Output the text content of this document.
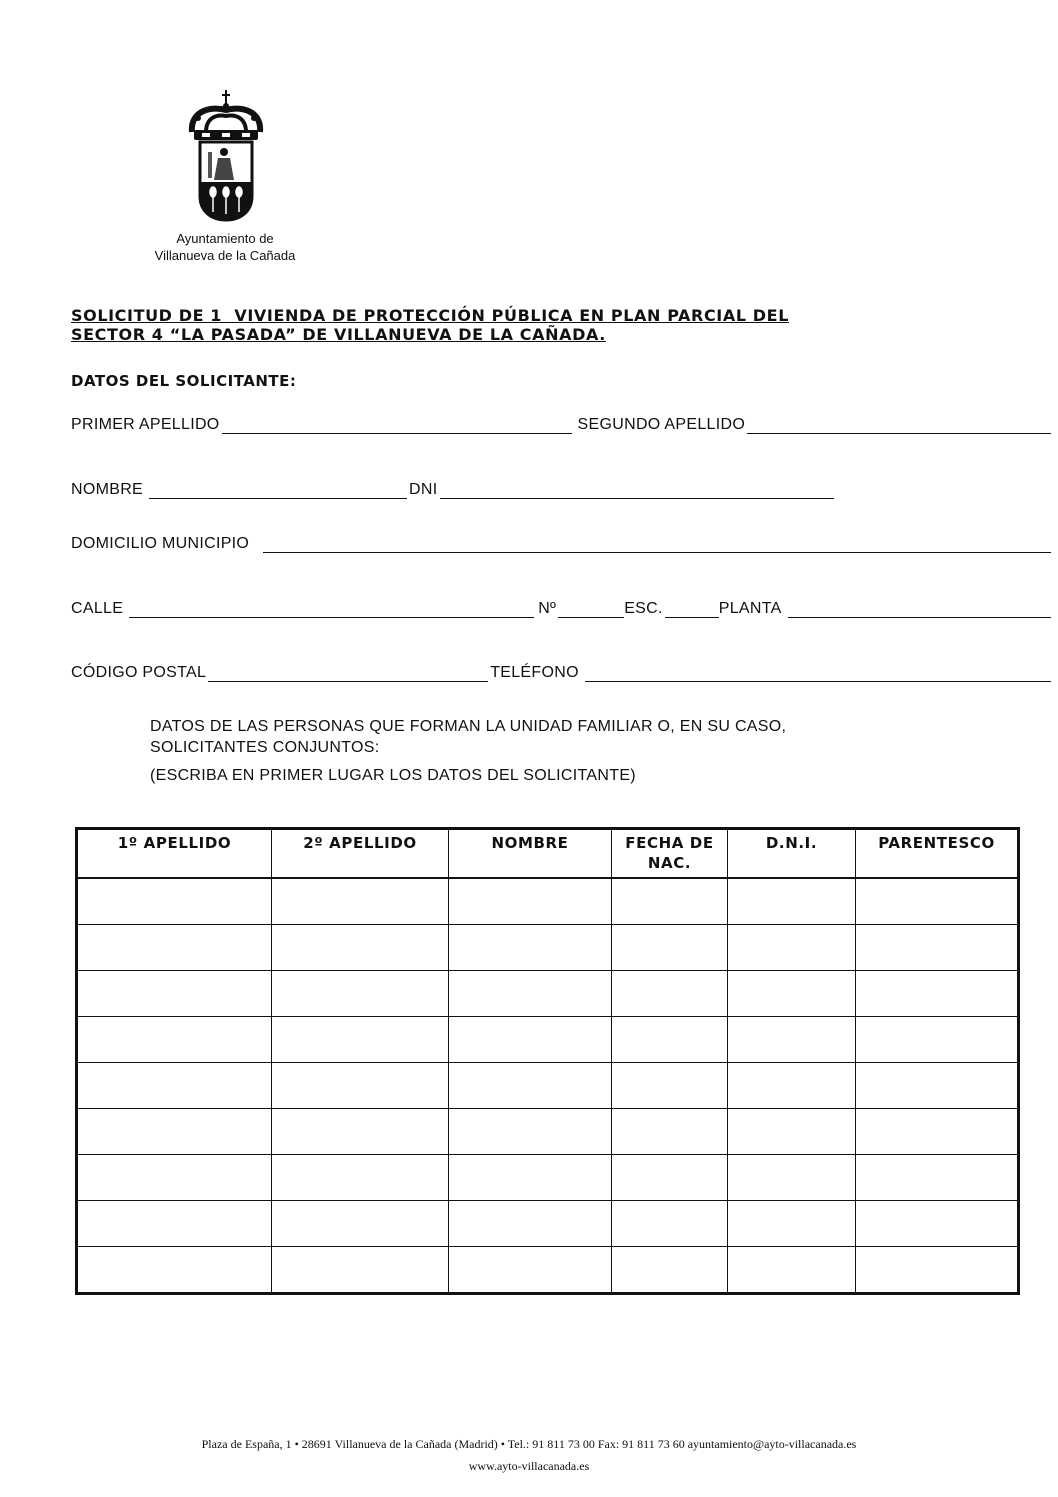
Ayuntamiento de
Villanueva de la Cañada
SOLICITUD DE 1  VIVIENDA DE PROTECCIÓN PÚBLICA EN PLAN PARCIAL DEL
SECTOR 4 “LA PASADA” DE VILLANUEVA DE LA CAÑADA.
DATOS DEL SOLICITANTE:
PRIMER APELLIDO	SEGUNDO APELLIDO
NOMBRE	DNI
DOMICILIO MUNICIPIO
CALLE	Nº	ESC.	PLANTA
CÓDIGO POSTAL	TELÉFONO

DATOS DE LAS PERSONAS QUE FORMAN LA UNIDAD FAMILIAR O, EN SU CASO,

SOLICITANTES CONJUNTOS:

(ESCRIBA EN PRIMER LUGAR LOS DATOS DEL SOLICITANTE)

1º APELLIDO	2º APELLIDO	NOMBRE	FECHA DE NAC.	D.N.I.	PARENTESCO

Plaza de España, 1 • 28691 Villanueva de la Cañada (Madrid) • Tel.: 91 811 73 00 Fax: 91 811 73 60 ayuntamiento@ayto-villacanada.es
www.ayto-villacanada.es
